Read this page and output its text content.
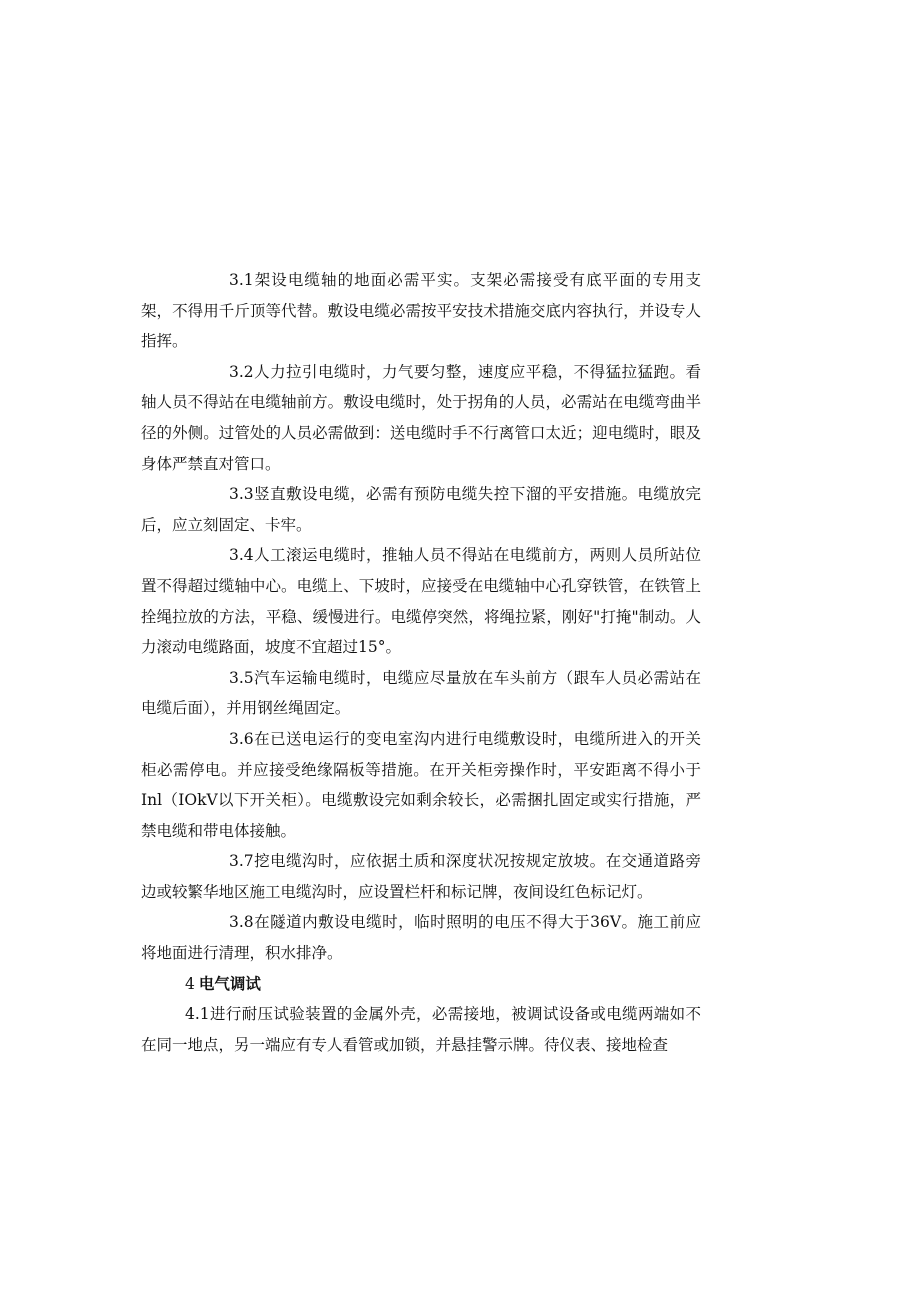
3.1架设电缆轴的地面必需平实。支架必需接受有底平面的专用支架，不得用千斤顶等代替。敷设电缆必需按平安技术措施交底内容执行，并设专人指挥。

3.2人力拉引电缆时，力气要匀整，速度应平稳，不得猛拉猛跑。看轴人员不得站在电缆轴前方。敷设电缆时，处于拐角的人员，必需站在电缆弯曲半径的外侧。过管处的人员必需做到：送电缆时手不行离管口太近；迎电缆时，眼及身体严禁直对管口。

3.3竖直敷设电缆，必需有预防电缆失控下溜的平安措施。电缆放完后，应立刻固定、卡牢。

3.4人工滚运电缆时，推轴人员不得站在电缆前方，两则人员所站位置不得超过缆轴中心。电缆上、下坡时，应接受在电缆轴中心孔穿铁管，在铁管上拴绳拉放的方法，平稳、缓慢进行。电缆停突然，将绳拉紧，刚好"打掩"制动。人力滚动电缆路面，坡度不宜超过15°。

3.5汽车运输电缆时，电缆应尽量放在车头前方（跟车人员必需站在电缆后面），并用钢丝绳固定。

3.6在已送电运行的变电室沟内进行电缆敷设时，电缆所进入的开关柜必需停电。并应接受绝缘隔板等措施。在开关柜旁操作时，平安距离不得小于Inl（IOkV以下开关柜）。电缆敷设完如剩余较长，必需捆扎固定或实行措施，严禁电缆和带电体接触。

3.7挖电缆沟时，应依据土质和深度状况按规定放坡。在交通道路旁边或较繁华地区施工电缆沟时，应设置栏杆和标记牌，夜间设红色标记灯。

3.8在隧道内敷设电缆时，临时照明的电压不得大于36V。施工前应将地面进行清理，积水排净。

4 电气调试

4.1进行耐压试验装置的金属外壳，必需接地，被调试设备或电缆两端如不在同一地点，另一端应有专人看管或加锁，并悬挂警示牌。待仪表、接地检查
